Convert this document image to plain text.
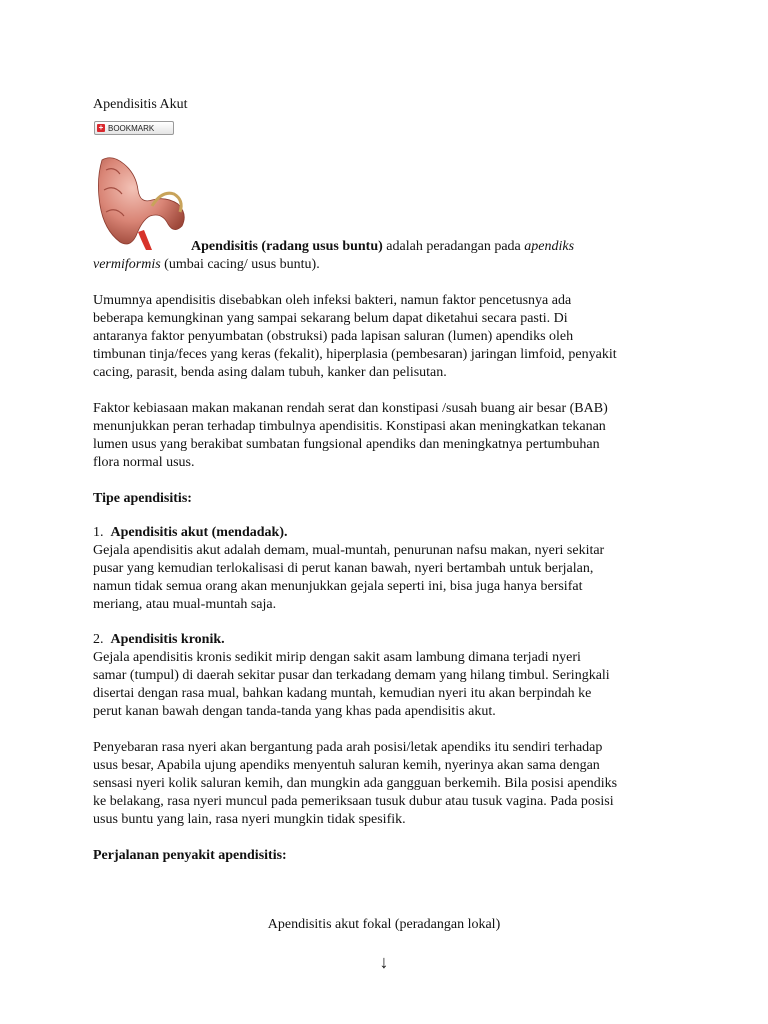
Apendisitis Akut
+ BOOKMARK
Apendisitis (radang usus buntu) adalah peradangan pada apendiks
vermiformis (umbai cacing/ usus buntu).
Umumnya apendisitis disebabkan oleh infeksi bakteri, namun faktor pencetusnya ada
beberapa kemungkinan yang sampai sekarang belum dapat diketahui secara pasti. Di
antaranya faktor penyumbatan (obstruksi) pada lapisan saluran (lumen) apendiks oleh
timbunan tinja/feces yang keras (fekalit), hiperplasia (pembesaran) jaringan limfoid, penyakit
cacing, parasit, benda asing dalam tubuh, kanker dan pelisutan.
Faktor kebiasaan makan makanan rendah serat dan konstipasi /susah buang air besar (BAB)
menunjukkan peran terhadap timbulnya apendisitis. Konstipasi akan meningkatkan tekanan
lumen usus yang berakibat sumbatan fungsional apendiks dan meningkatnya pertumbuhan
flora normal usus.
Tipe apendisitis:
1. Apendisitis akut (mendadak).
Gejala apendisitis akut adalah demam, mual-muntah, penurunan nafsu makan, nyeri sekitar
pusar yang kemudian terlokalisasi di perut kanan bawah, nyeri bertambah untuk berjalan,
namun tidak semua orang akan menunjukkan gejala seperti ini, bisa juga hanya bersifat
meriang, atau mual-muntah saja.
2. Apendisitis kronik.
Gejala apendisitis kronis sedikit mirip dengan sakit asam lambung dimana terjadi nyeri
samar (tumpul) di daerah sekitar pusar dan terkadang demam yang hilang timbul. Seringkali
disertai dengan rasa mual, bahkan kadang muntah, kemudian nyeri itu akan berpindah ke
perut kanan bawah dengan tanda-tanda yang khas pada apendisitis akut.
Penyebaran rasa nyeri akan bergantung pada arah posisi/letak apendiks itu sendiri terhadap
usus besar, Apabila ujung apendiks menyentuh saluran kemih, nyerinya akan sama dengan
sensasi nyeri kolik saluran kemih, dan mungkin ada gangguan berkemih. Bila posisi apendiks
ke belakang, rasa nyeri muncul pada pemeriksaan tusuk dubur atau tusuk vagina. Pada posisi
usus buntu yang lain, rasa nyeri mungkin tidak spesifik.
Perjalanan penyakit apendisitis:
Apendisitis akut fokal (peradangan lokal)
↓
